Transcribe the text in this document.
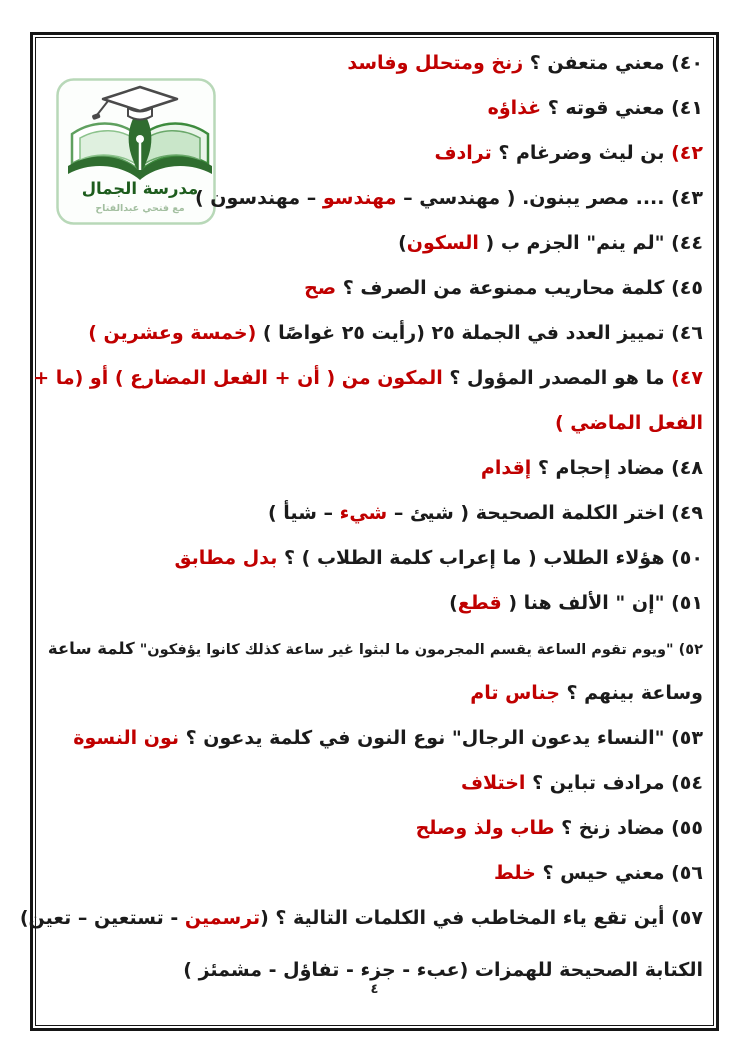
مدرسة الجمال
مع فتحي عبدالفتاح
٤٠) معني متعفن ؟ زنخ ومتحلل وفاسد
٤١) معني قوته ؟ غذاؤه
٤٢) بن ليث وضرغام ؟ ترادف
٤٣) .... مصر يبنون. ( مهندسي – مهندسو – مهندسون )
٤٤) "لم ينم" الجزم ب ( السكون)
٤٥) كلمة محاريب ممنوعة من الصرف ؟ صح
٤٦) تمييز العدد في الجملة ٢٥ (رأيت ٢٥ غواصًا ) (خمسة وعشرين )
٤٧) ما هو المصدر المؤول ؟ المكون من ( أن + الفعل المضارع ) أو (ما +
الفعل الماضي )
٤٨) مضاد إحجام ؟ إقدام
٤٩) اختر الكلمة الصحيحة ( شيئ – شيء – شيأ )
٥٠) هؤلاء الطلاب ( ما إعراب كلمة الطلاب ) ؟ بدل مطابق
٥١) "إن " الألف هنا ( قطع)
٥٢) "ويوم تقوم الساعة يقسم المجرمون ما لبثوا غير ساعة كذلك كانوا يؤفكون" كلمة ساعة
وساعة بينهم ؟ جناس تام
٥٣) "النساء يدعون الرجال" نوع النون في كلمة يدعون ؟ نون النسوة
٥٤) مرادف تباين ؟ اختلاف
٥٥) مضاد زنخ ؟ طاب ولذ وصلح
٥٦) معني حيس ؟ خلط
٥٧) أين تقع ياء المخاطب في الكلمات التالية ؟ (ترسمين - تستعين – تعين)
الكتابة الصحيحة للهمزات (عبء - جزء - تفاؤل - مشمئز )
٤
